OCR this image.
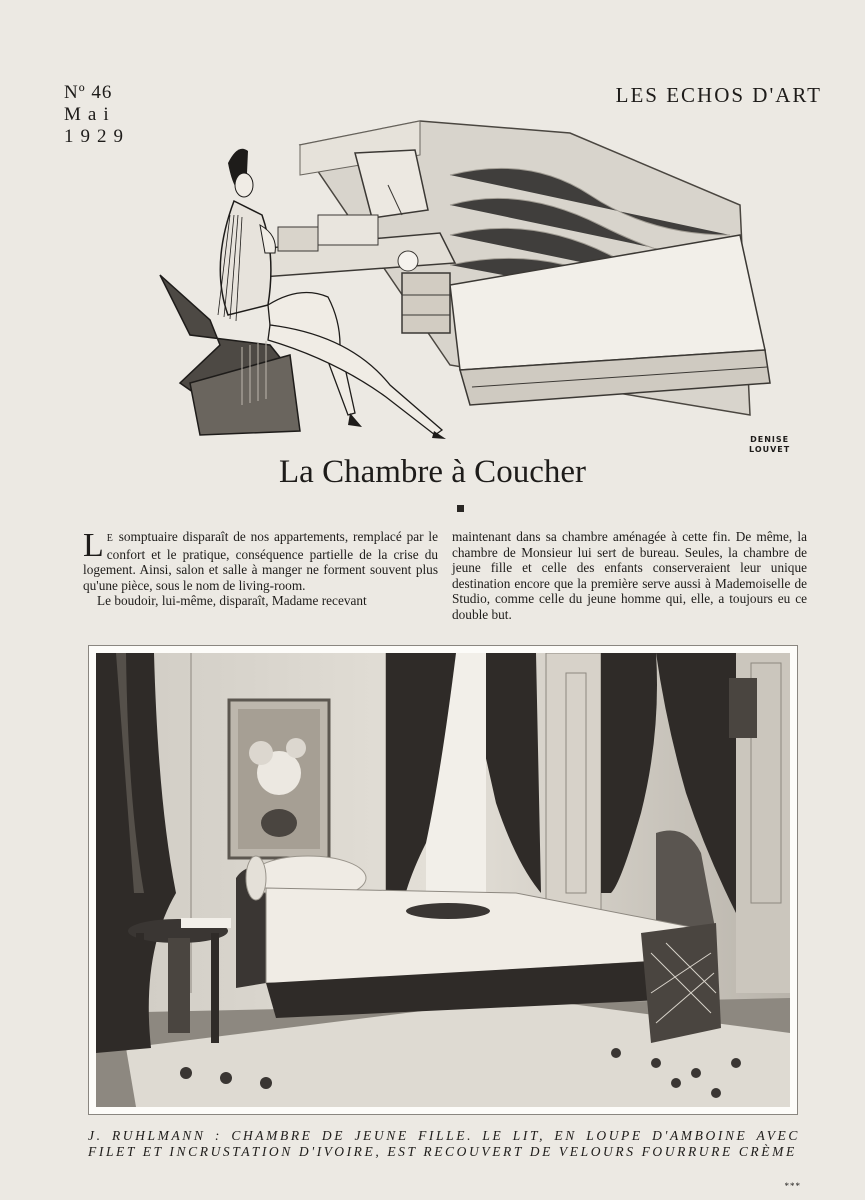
Nº 46
Mai
1929
LES ECHOS D'ART
DENISE
LOUVET
La Chambre à Coucher

L E somptuaire disparaît de nos appartements, remplacé par le confort et le pratique, conséquence partielle de la crise du logement. Ainsi, salon et salle à manger ne forment souvent plus qu'une pièce, sous le nom de living-room.

Le boudoir, lui-même, disparaît, Madame recevant

maintenant dans sa chambre aménagée à cette fin. De même, la chambre de Monsieur lui sert de bureau. Seules, la chambre de jeune fille et celle des enfants conserveraient leur unique destination encore que la première serve aussi à Mademoiselle de Studio, comme celle du jeune homme qui, elle, a toujours eu ce double but.

J. RUHLMANN : CHAMBRE DE JEUNE FILLE. LE LIT, EN LOUPE D'AMBOINE AVEC FILET ET INCRUSTATION D'IVOIRE, EST RECOUVERT DE VELOURS FOURRURE CRÈME

***
